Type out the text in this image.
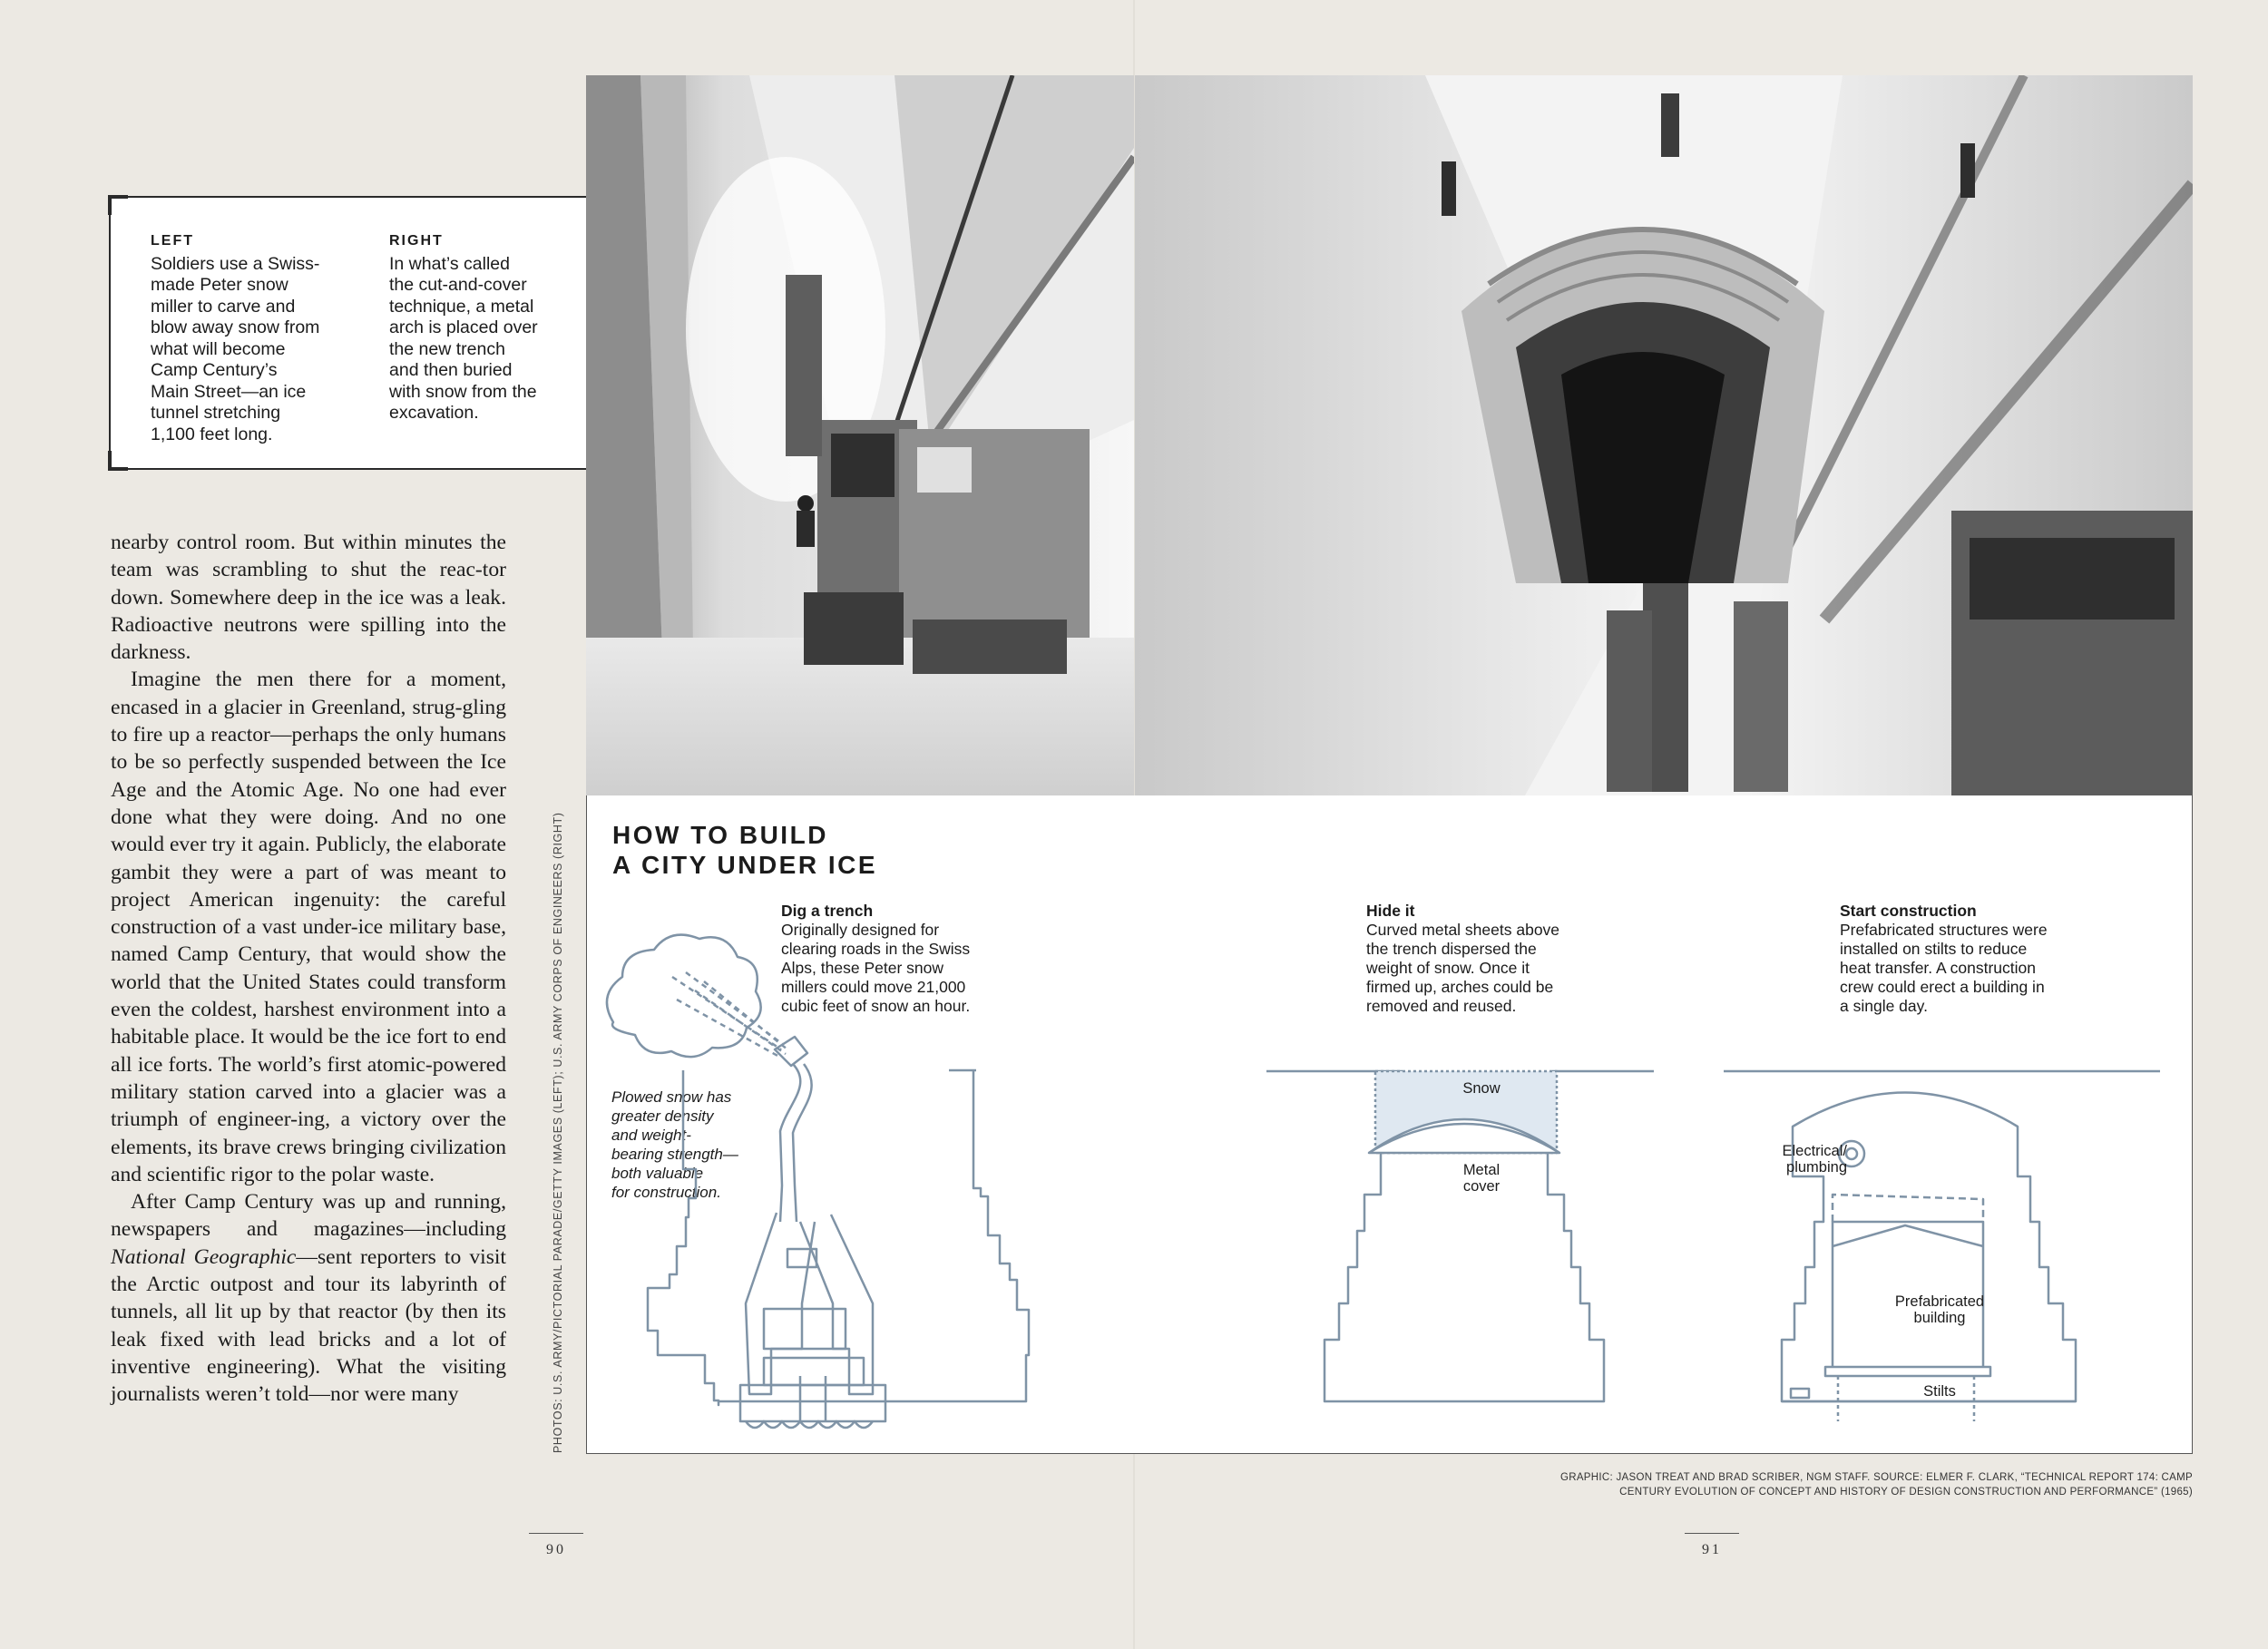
LEFT
Soldiers use a Swiss-
made Peter snow
miller to carve and
blow away snow from
what will become
Camp Century’s
Main Street—an ice
tunnel stretching
1,100 feet long.
RIGHT
In what’s called
the cut-and-cover
technique, a metal
arch is placed over
the new trench
and then buried
with snow from the
excavation.

nearby control room. But within minutes the team was scrambling to shut the reac-tor down. Somewhere deep in the ice was a leak. Radioactive neutrons were spilling into the darkness.

Imagine the men there for a moment, encased in a glacier in Greenland, strug-gling to fire up a reactor—perhaps the only humans to be so perfectly suspended between the Ice Age and the Atomic Age. No one had ever done what they were doing. And no one would ever try it again. Publicly, the elaborate gambit they were a part of was meant to project American ingenuity: the careful construction of a vast under-ice military base, named Camp Century, that would show the world that the United States could transform even the coldest, harshest environment into a habitable place. It would be the ice fort to end all ice forts. The world’s first atomic-powered military station carved into a glacier was a triumph of engineer-ing, a victory over the elements, its brave crews bringing civilization and scientific rigor to the polar waste.

After Camp Century was up and running, newspapers and magazines—including National Geographic—sent reporters to visit the Arctic outpost and tour its labyrinth of tunnels, all lit up by that reactor (by then its leak fixed with lead bricks and a lot of inventive engineering). What the visiting journalists weren’t told—nor were many	PHOTOS: U.S. ARMY/PICTORIAL PARADE/GETTY IMAGES (LEFT); U.S. ARMY CORPS OF ENGINEERS (RIGHT) HOW TO BUILD
A CITY UNDER ICE
Dig a trench
Originally designed for
clearing roads in the Swiss
Alps, these Peter snow
millers could move 21,000
cubic feet of snow an hour.
Hide it
Curved metal sheets above
the trench dispersed the
weight of snow. Once it
firmed up, arches could be
removed and reused.
Start construction
Prefabricated structures were
installed on stilts to reduce
heat transfer. A construction
crew could erect a building in
a single day.
Plowed snow has
greater density
and weight-
bearing strength—
both valuable
for construction.
Snow
Metal
cover
Electrical/
plumbing
Prefabricated
building
Stilts
GRAPHIC: JASON TREAT AND BRAD SCRIBER, NGM STAFF. SOURCE: ELMER F. CLARK, “TECHNICAL REPORT 174: CAMP
CENTURY EVOLUTION OF CONCEPT AND HISTORY OF DESIGN CONSTRUCTION AND PERFORMANCE” (1965)
90	91
